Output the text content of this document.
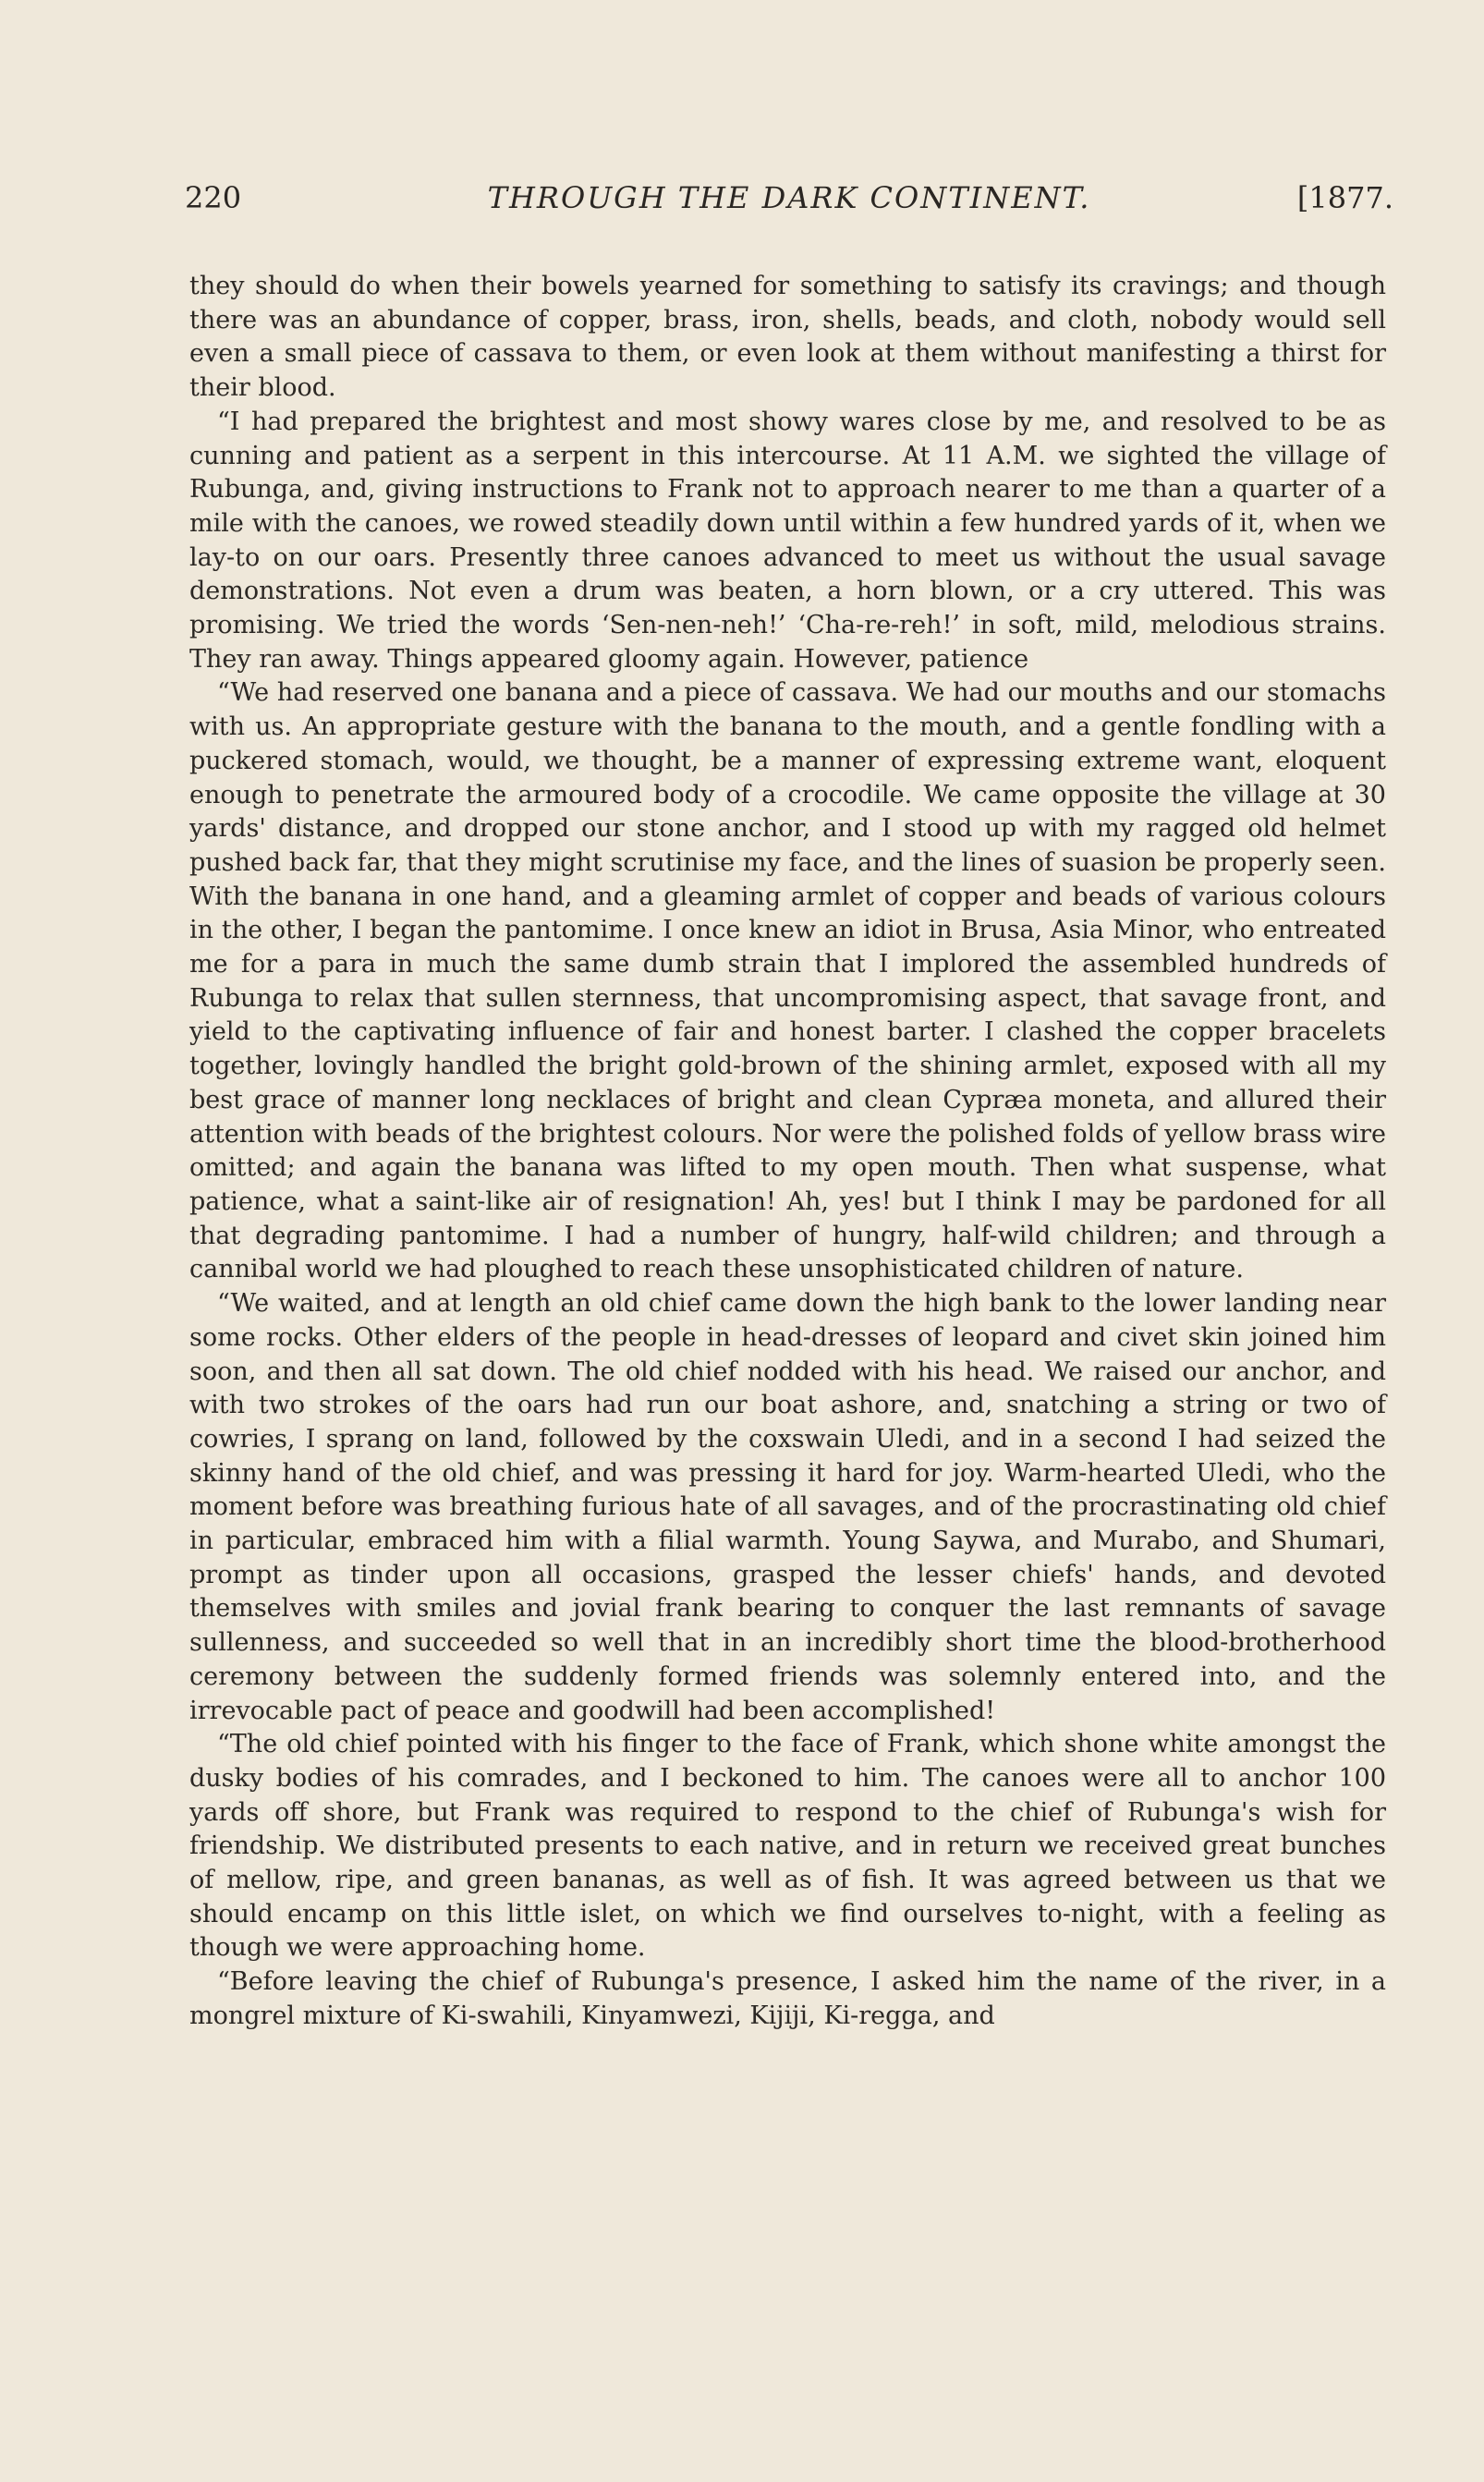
220	THROUGH THE DARK CONTINENT.	[1877.

they should do when their bowels yearned for something to satisfy its cravings; and though there was an abundance of copper, brass, iron, shells, beads, and cloth, nobody would sell even a small piece of cassava to them, or even look at them without manifesting a thirst for their blood.

“I had prepared the brightest and most showy wares close by me, and resolved to be as cunning and patient as a serpent in this intercourse. At 11 A.M. we sighted the village of Rubunga, and, giving instructions to Frank not to approach nearer to me than a quarter of a mile with the canoes, we rowed steadily down until within a few hundred yards of it, when we lay-to on our oars. Presently three canoes advanced to meet us without the usual savage demonstrations. Not even a drum was beaten, a horn blown, or a cry uttered. This was promising. We tried the words ‘Sen-nen-neh!’ ‘Cha-re-reh!’ in soft, mild, melodious strains. They ran away. Things appeared gloomy again. However, patience

“We had reserved one banana and a piece of cassava. We had our mouths and our stomachs with us. An appropriate gesture with the banana to the mouth, and a gentle fondling with a puckered stomach, would, we thought, be a manner of expressing extreme want, eloquent enough to penetrate the armoured body of a crocodile. We came opposite the village at 30 yards' distance, and dropped our stone anchor, and I stood up with my ragged old helmet pushed back far, that they might scrutinise my face, and the lines of suasion be properly seen. With the banana in one hand, and a gleaming armlet of copper and beads of various colours in the other, I began the pantomime. I once knew an idiot in Brusa, Asia Minor, who entreated me for a para in much the same dumb strain that I implored the assembled hundreds of Rubunga to relax that sullen sternness, that uncompromising aspect, that savage front, and yield to the captivating influence of fair and honest barter. I clashed the copper bracelets together, lovingly handled the bright gold-brown of the shining armlet, exposed with all my best grace of manner long necklaces of bright and clean Cypræa moneta, and allured their attention with beads of the brightest colours. Nor were the polished folds of yellow brass wire omitted; and again the banana was lifted to my open mouth. Then what suspense, what patience, what a saint-like air of resignation! Ah, yes! but I think I may be pardoned for all that degrading pantomime. I had a number of hungry, half-wild children; and through a cannibal world we had ploughed to reach these unsophisticated children of nature.

“We waited, and at length an old chief came down the high bank to the lower landing near some rocks. Other elders of the people in head-dresses of leopard and civet skin joined him soon, and then all sat down. The old chief nodded with his head. We raised our anchor, and with two strokes of the oars had run our boat ashore, and, snatching a string or two of cowries, I sprang on land, followed by the coxswain Uledi, and in a second I had seized the skinny hand of the old chief, and was pressing it hard for joy. Warm-hearted Uledi, who the moment before was breathing furious hate of all savages, and of the procrastinating old chief in particular, embraced him with a filial warmth. Young Saywa, and Murabo, and Shumari, prompt as tinder upon all occasions, grasped the lesser chiefs' hands, and devoted themselves with smiles and jovial frank bearing to conquer the last remnants of savage sullenness, and succeeded so well that in an incredibly short time the blood-brotherhood ceremony between the suddenly formed friends was solemnly entered into, and the irrevocable pact of peace and goodwill had been accomplished!

“The old chief pointed with his finger to the face of Frank, which shone white amongst the dusky bodies of his comrades, and I beckoned to him. The canoes were all to anchor 100 yards off shore, but Frank was required to respond to the chief of Rubunga's wish for friendship. We distributed presents to each native, and in return we received great bunches of mellow, ripe, and green bananas, as well as of fish. It was agreed between us that we should encamp on this little islet, on which we find ourselves to-night, with a feeling as though we were approaching home.

“Before leaving the chief of Rubunga's presence, I asked him the name of the river, in a mongrel mixture of Ki-swahili, Kinyamwezi, Kijiji, Ki-regga, and
